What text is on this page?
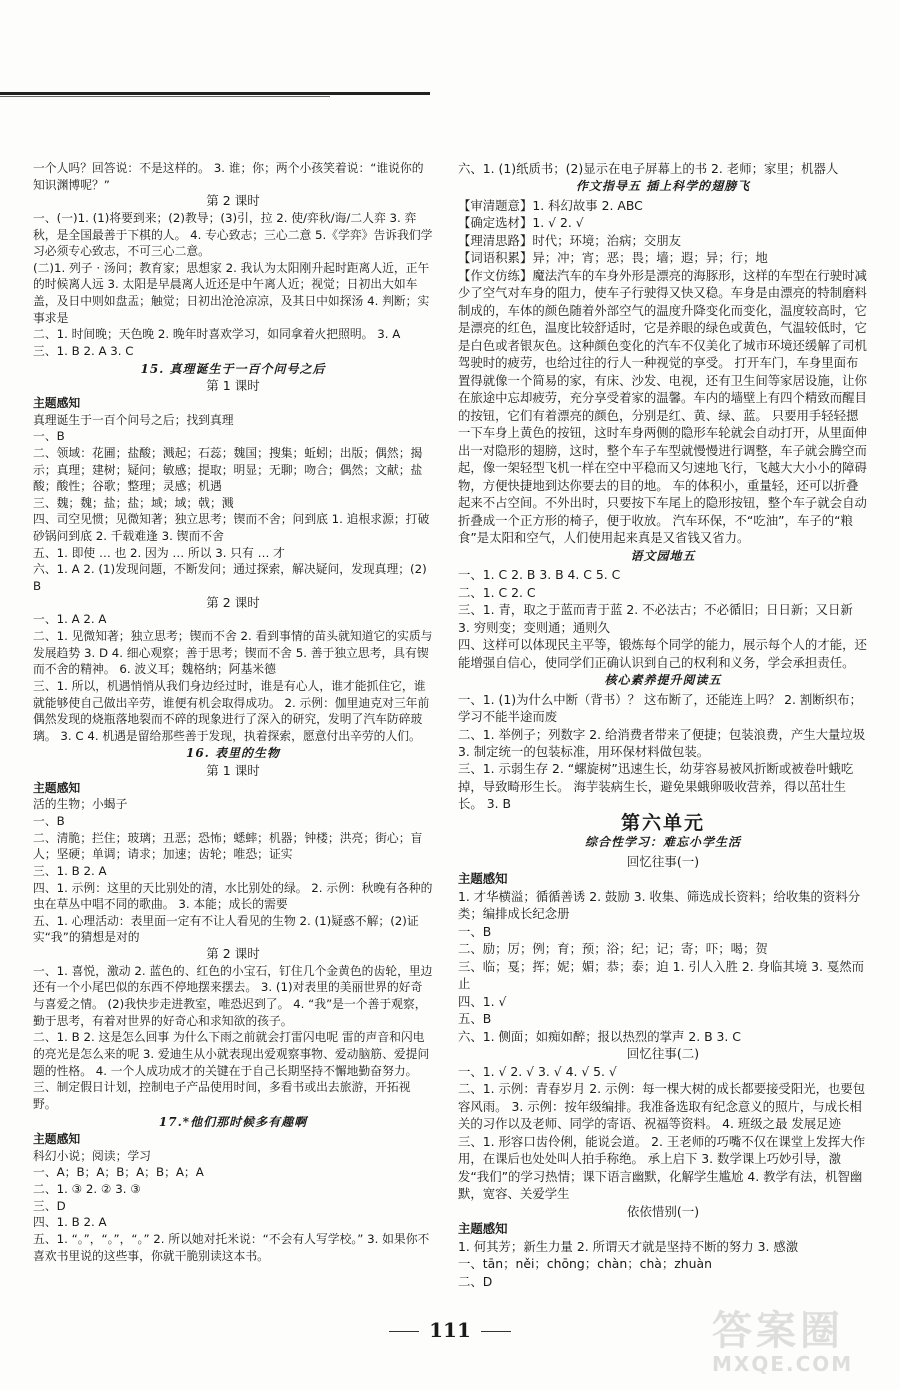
一个人吗？回答说：不是这样的。 3. 谁；你；两个小孩笑着说：“谁说你的知识渊博呢？”
第 2 课时
一、(一)1. (1)将要到来；(2)教导；(3)引，拉 2. 使/弈秋/诲/二人弈 3. 弈秋，是全国最善于下棋的人。 4. 专心致志；三心二意 5.《学弈》告诉我们学习必须专心致志，不可三心二意。
(二)1. 列子 · 汤问；教育家；思想家 2. 我认为太阳刚升起时距离人近，正午的时候离人远 3. 太阳是早晨离人近还是中午离人近；视觉；日初出大如车盖，及日中则如盘盂；触觉；日初出沧沧凉凉，及其日中如探汤 4. 判断；实事求是
二、1. 时间晚；天色晚 2. 晚年时喜欢学习，如同拿着火把照明。 3. A
三、1. B 2. A 3. C
15. 真理诞生于一百个问号之后
第 1 课时
主题感知
真理诞生于一百个问号之后；找到真理
一、B
二、领域：花圃；盐酸；溅起；石蕊；魏国；搜集；蚯蚓；出版；偶然；揭示；真理；建树；疑问；敏感；提取；明显；无聊；吻合；偶然；文献；盐酸；酸性；谷歌；整理；灵感；机遇
三、魏；魏；盐；盐；域；域；戟；溅
四、司空见惯；见微知著；独立思考；锲而不舍；问到底 1. 追根求源；打破砂锅问到底 2. 千载难逢 3. 锲而不舍
五、1. 即使 … 也 2. 因为 … 所以 3. 只有 … 才
六、1. A 2. (1)发现问题，不断发问；通过探索，解决疑问，发现真理；(2)B
第 2 课时
一、1. A 2. A
二、1. 见微知著；独立思考；锲而不舍 2. 看到事情的苗头就知道它的实质与发展趋势 3. D 4. 细心观察；善于思考；锲而不舍 5. 善于独立思考，具有锲而不舍的精神。 6. 波义耳；魏格纳；阿基米德
三、1. 所以，机遇悄悄从我们身边经过时，谁是有心人，谁才能抓住它，谁就能够使自己做出辛劳，谁便有机会取得成功。 2. 示例：伽里迪克对三年前偶然发现的烧瓶落地裂而不碎的现象进行了深入的研究，发明了汽车防碎玻璃。 3. C 4. 机遇是留给那些善于发现，执着探索，愿意付出辛劳的人们。
16. 表里的生物
第 1 课时
主题感知
活的生物；小蝎子
一、B
二、清脆；拦住；玻璃；丑恶；恐怖；蟋蟀；机器；钟楼；洪亮；街心；盲人；坚硬；单调；请求；加速；齿轮；唯恐；证实
三、1. B 2. A
四、1. 示例：这里的天比别处的清，水比别处的绿。 2. 示例：秋晚有各种的虫在草丛中唱不同的歌曲。 3. 本能；成长的需要
五、1. 心理活动：表里面一定有不让人看见的生物 2. (1)疑惑不解；(2)证实“我”的猜想是对的
第 2 课时
一、1. 喜悦，激动 2. 蓝色的、红色的小宝石，钉住几个金黄色的齿轮，里边还有一个小尾巴似的东西不停地摆来摆去。 3. (1)对表里的美丽世界的好奇与喜爱之情。 (2)我快步走进教室，唯恐迟到了。 4. “我”是一个善于观察，勤于思考，有着对世界的好奇心和求知欲的孩子。
二、1. B 2. 这是怎么回事 为什么下雨之前就会打雷闪电呢 雷的声音和闪电的亮光是怎么来的呢 3. 爱迪生从小就表现出爱观察事物、爱动脑筋、爱提问题的性格。 4. 一个人成功成才的关键在于自己长期坚持不懈地勤奋努力。
三、制定假日计划，控制电子产品使用时间，多看书或出去旅游，开拓视野。
17.*他们那时候多有趣啊
主题感知
科幻小说；阅读；学习
一、A；B；A；B；A；B；A；A
二、1. ③ 2. ② 3. ③
三、D
四、1. B 2. A
五、1. “。”，“。”，“。” 2. 所以她对托米说：“不会有人写学校。” 3. 如果你不喜欢书里说的这些事，你就干脆别读这本书。
六、1. (1)纸质书；(2)显示在电子屏幕上的书 2. 老师；家里；机器人
作文指导五 插上科学的翅膀飞
【审清题意】1. 科幻故事 2. ABC
【确定选材】1. √ 2. √
【理清思路】时代；环境；治病；交朋友
【词语积累】异；冲；宵；恶；畏；墙；遐；异；行；地
【作文仿练】魔法汽车的车身外形是漂亮的海豚形，这样的车型在行驶时减少了空气对车身的阻力，使车子行驶得又快又稳。车身是由漂亮的特制磨料制成的，车体的颜色随着外部空气的温度升降变化而变化，温度较高时，它是漂亮的红色，温度比较舒适时，它是养眼的绿色或黄色，气温较低时，它是白色或者银灰色。这种颜色变化的汽车不仅美化了城市环境还缓解了司机驾驶时的疲劳，也给过往的行人一种视觉的享受。 打开车门，车身里面布置得就像一个简易的家，有床、沙发、电视，还有卫生间等家居设施，让你在旅途中忘却疲劳，充分享受着家的温馨。车内的墙壁上有四个精致而醒目的按钮，它们有着漂亮的颜色，分别是红、黄、绿、蓝。 只要用手轻轻摁一下车身上黄色的按钮，这时车身两侧的隐形车轮就会自动打开，从里面伸出一对隐形的翅膀，这时，整个车子车型就慢慢进行调整，车子就会腾空而起，像一架轻型飞机一样在空中平稳而又匀速地飞行，飞越大大小小的障碍物，方便快捷地到达你要去的目的地。 车的体积小，重量轻，还可以折叠起来不占空间。不外出时，只要按下车尾上的隐形按钮，整个车子就会自动折叠成一个正方形的椅子，便于收放。 汽车环保，不“吃油”，车子的“粮食”是太阳和空气，人们使用起来真是又省钱又省力。
语文园地五
一、1. C 2. B 3. B 4. C 5. C
二、1. C 2. C
三、1. 青，取之于蓝而青于蓝 2. 不必法古；不必循旧；日日新；又日新 3. 穷则变；变则通；通则久
四、这样可以体现民主平等，锻炼每个同学的能力，展示每个人的才能，还能增强自信心，使同学们正确认识到自己的权利和义务，学会承担责任。
核心素养提升阅读五
一、1. (1)为什么中断（背书）？ 这布断了，还能连上吗？ 2. 割断织布；学习不能半途而废
二、1. 举例子；列数字 2. 给消费者带来了便捷；包装浪费，产生大量垃圾 3. 制定统一的包装标准，用环保材料做包装。
三、1. 示弱生存 2. “螺旋树”迅速生长，幼芽容易被风折断或被卷叶蛾吃掉，导致畸形生长。 海芋装病生长，避免果蛾卵吸收营养，得以茁壮生长。 3. B
第六单元
综合性学习：难忘小学生活
回忆往事(一)
主题感知
1. 才华横溢；循循善诱 2. 鼓励 3. 收集、筛选成长资料；给收集的资料分类；编排成长纪念册
一、B
二、励；厉；例；育；预；浴；纪；记；寄；吓；喝；贺
三、临；戛；挥；妮；媚；恭；泰；迫 1. 引人入胜 2. 身临其境 3. 戛然而止
四、1. √
五、B
六、1. 侧面；如痴如醉；报以热烈的掌声 2. B 3. C
回忆往事(二)
一、1. √ 2. √ 3. √ 4. √ 5. √
二、1. 示例：青春岁月 2. 示例：每一棵大树的成长都要接受阳光，也要包容风雨。 3. 示例：按年级编排。我准备选取有纪念意义的照片，与成长相关的习作以及老师、同学的寄语、祝福等资料。 4. 班级之最 发展足迹
三、1. 形容口齿伶俐，能说会道。 2. 王老师的巧嘴不仅在课堂上发挥大作用，在课后也处处叫人拍手称绝。 承上启下 3. 数学课上巧妙引导，激发“我们”的学习热情；课下语言幽默，化解学生尴尬 4. 教学有法，机智幽默，宽容、关爱学生
依依惜别(一)
主题感知
1. 何其芳；新生力量 2. 所谓天才就是坚持不断的努力 3. 感激
一、tān；něi；chōng；chàn；chà；zhuàn
二、D
111	答案圈
MXQE.COM
